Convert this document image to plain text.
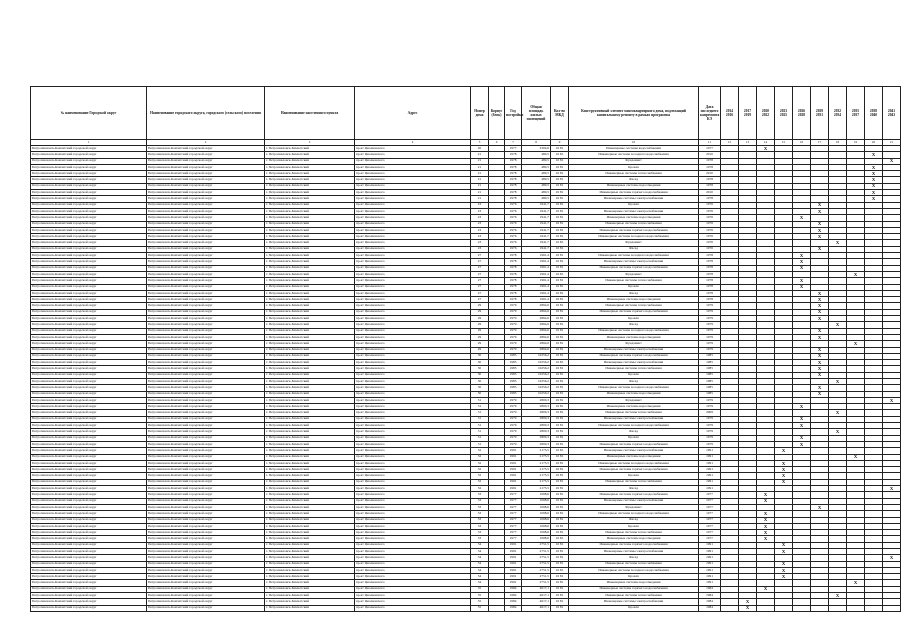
№ наименование Городской округ	Наименование городского округа, городского (сельского) поселения	Наименование населенного пункта	Адрес	Номер дома	Корпус (блок)	Год постройки	Общая площадь жилых помещений	Кол-во МКД	Конструктивный элемент многоквартирного дома, подлежащий капитальному ремонту в рамках программы	Дата последнего капремонта КЭ	2014 2016	2017 2019	2020 2022	2023 2025	2026 2028	2029 2031	2032 2034	2035 2037	2038 2040	2041 2043
1	2	3	4	5	6	7	8	9	10	11	12	13	14	15	16	17	18	19	20	21
Петропавловск-Камчатский городской округ	Петропавловск-Камчатский городской округ	г. Петропавловск-Камчатский	пр-кт Циолковского	20		1977	2304,6	16 81	Инженерные системы водоснабжения	1977			X							
Петропавловск-Камчатский городской округ	Петропавловск-Камчатский городской округ	г. Петропавловск-Камчатский	пр-кт Циолковского	21		1978	489,5	16 81	Инженерные системы холодного водоснабжения	2010									X	
Петропавловск-Камчатский городской округ	Петропавловск-Камчатский городской округ	г. Петропавловск-Камчатский	пр-кт Циолковского	21		1978	489,5	16 81	Фундамент	1978										X
Петропавловск-Камчатский городской округ	Петропавловск-Камчатский городской округ	г. Петропавловск-Камчатский	пр-кт Циолковского	21		1978	489,5	16 81	Кровля	1978									X	
Петропавловск-Камчатский городской округ	Петропавловск-Камчатский городской округ	г. Петропавловск-Камчатский	пр-кт Циолковского	21		1978	489,5	16 81	Инженерные системы теплоснабжения	2010									X	
Петропавловск-Камчатский городской округ	Петропавловск-Камчатский городской округ	г. Петропавловск-Камчатский	пр-кт Циолковского	21		1978	489,5	16 81	Фасад	1978									X	
Петропавловск-Камчатский городской округ	Петропавловск-Камчатский городской округ	г. Петропавловск-Камчатский	пр-кт Циолковского	21		1978	489,5	16 81	Инженерные системы водоотведения	1978									X	
Петропавловск-Камчатский городской округ	Петропавловск-Камчатский городской округ	г. Петропавловск-Камчатский	пр-кт Циолковского	21		1978	489,5	16 81	Инженерные системы горячего водоснабжения	2010									X	
Петропавловск-Камчатский городской округ	Петропавловск-Камчатский городской округ	г. Петропавловск-Камчатский	пр-кт Циолковского	21		1978	489,5	16 81	Инженерные системы электроснабжения	1978									X	
Петропавловск-Камчатский городской округ	Петропавловск-Камчатский городской округ	г. Петропавловск-Камчатский	пр-кт Циолковского	23		1976	1941,7	16 81	Кровля	1976						X				
Петропавловск-Камчатский городской округ	Петропавловск-Камчатский городской округ	г. Петропавловск-Камчатский	пр-кт Циолковского	23		1976	1941,7	16 81	Инженерные системы электроснабжения	1976						X				
Петропавловск-Камчатский городской округ	Петропавловск-Камчатский городской округ	г. Петропавловск-Камчатский	пр-кт Циолковского	23		1976	1941,7	16 81	Инженерные системы водоотведения	1976					X					
Петропавловск-Камчатский городской округ	Петропавловск-Камчатский городской округ	г. Петропавловск-Камчатский	пр-кт Циолковского	23		1976	1941,7	16 81	Инженерные системы теплоснабжения	1976						X				
Петропавловск-Камчатский городской округ	Петропавловск-Камчатский городской округ	г. Петропавловск-Камчатский	пр-кт Циолковского	23		1976	1941,7	16 81	Инженерные системы горячего водоснабжения	1976						X				
Петропавловск-Камчатский городской округ	Петропавловск-Камчатский городской округ	г. Петропавловск-Камчатский	пр-кт Циолковского	23		1976	1941,7	16 81	Инженерные системы холодного водоснабжения	1976						X				
Петропавловск-Камчатский городской округ	Петропавловск-Камчатский городской округ	г. Петропавловск-Камчатский	пр-кт Циолковского	23		1976	1941,7	16 81	Фундамент	1976							X			
Петропавловск-Камчатский городской округ	Петропавловск-Камчатский городской округ	г. Петропавловск-Камчатский	пр-кт Циолковского	23		1976	1941,7	16 81	Фасад	1976						X				
Петропавловск-Камчатский городской округ	Петропавловск-Камчатский городской округ	г. Петропавловск-Камчатский	пр-кт Циолковского	27		1978	1961,4	16 81	Инженерные системы холодного водоснабжения	1978					X					
Петропавловск-Камчатский городской округ	Петропавловск-Камчатский городской округ	г. Петропавловск-Камчатский	пр-кт Циолковского	27		1978	1961,4	16 81	Инженерные системы электроснабжения	1978					X					
Петропавловск-Камчатский городской округ	Петропавловск-Камчатский городской округ	г. Петропавловск-Камчатский	пр-кт Циолковского	27		1978	1961,4	16 81	Инженерные системы горячего водоснабжения	1978					X					
Петропавловск-Камчатский городской округ	Петропавловск-Камчатский городской округ	г. Петропавловск-Камчатский	пр-кт Циолковского	27		1978	1961,4	16 81	Фундамент	1978								X		
Петропавловск-Камчатский городской округ	Петропавловск-Камчатский городской округ	г. Петропавловск-Камчатский	пр-кт Циолковского	27		1978	1961,4	16 81	Инженерные системы теплоснабжения	1978					X					
Петропавловск-Камчатский городской округ	Петропавловск-Камчатский городской округ	г. Петропавловск-Камчатский	пр-кт Циолковского	27		1978	1961,4	16 81	Кровля	1978					X					
Петропавловск-Камчатский городской округ	Петропавловск-Камчатский городской округ	г. Петропавловск-Камчатский	пр-кт Циолковского	27		1978	1961,4	16 81	Фасад	1978						X				
Петропавловск-Камчатский городской округ	Петропавловск-Камчатский городской округ	г. Петропавловск-Камчатский	пр-кт Циолковского	27		1978	1961,4	16 81	Инженерные системы водоотведения	1978						X				
Петропавловск-Камчатский городской округ	Петропавловск-Камчатский городской округ	г. Петропавловск-Камчатский	пр-кт Циолковского	29		1979	2864,6	16 81	Инженерные системы теплоснабжения	1979						X				
Петропавловск-Камчатский городской округ	Петропавловск-Камчатский городской округ	г. Петропавловск-Камчатский	пр-кт Циолковского	29		1979	2864,6	16 81	Инженерные системы горячего водоснабжения	1979						X				
Петропавловск-Камчатский городской округ	Петропавловск-Камчатский городской округ	г. Петропавловск-Камчатский	пр-кт Циолковского	29		1979	2864,6	16 81	Кровля	1979						X				
Петропавловск-Камчатский городской округ	Петропавловск-Камчатский городской округ	г. Петропавловск-Камчатский	пр-кт Циолковского	29		1979	2864,6	16 81	Фасад	1979							X			
Петропавловск-Камчатский городской округ	Петропавловск-Камчатский городской округ	г. Петропавловск-Камчатский	пр-кт Циолковского	29		1979	2864,6	16 81	Инженерные системы холодного водоснабжения	1979						X				
Петропавловск-Камчатский городской округ	Петропавловск-Камчатский городской округ	г. Петропавловск-Камчатский	пр-кт Циолковского	29		1979	2864,6	16 81	Инженерные системы водоотведения	1979						X				
Петропавловск-Камчатский городской округ	Петропавловск-Камчатский городской округ	г. Петропавловск-Камчатский	пр-кт Циолковского	29		1979	2864,6	16 81	Фундамент	1979								X		
Петропавловск-Камчатский городской округ	Петропавловск-Камчатский городской округ	г. Петропавловск-Камчатский	пр-кт Циолковского	29		1979	2864,6	16 81	Инженерные системы электроснабжения	1979						X				
Петропавловск-Камчатский городской округ	Петропавловск-Камчатский городской округ	г. Петропавловск-Камчатский	пр-кт Циолковского	30		1985	10256,2	16 81	Инженерные системы горячего водоснабжения	1985						X				
Петропавловск-Камчатский городской округ	Петропавловск-Камчатский городской округ	г. Петропавловск-Камчатский	пр-кт Циолковского	30		1985	10256,2	16 81	Инженерные системы электроснабжения	1985						X				
Петропавловск-Камчатский городской округ	Петропавловск-Камчатский городской округ	г. Петропавловск-Камчатский	пр-кт Циолковского	30		1985	10256,2	16 81	Инженерные системы теплоснабжения	1985						X				
Петропавловск-Камчатский городской округ	Петропавловск-Камчатский городской округ	г. Петропавловск-Камчатский	пр-кт Циолковского	30		1985	10256,2	16 81	Кровля	1985						X				
Петропавловск-Камчатский городской округ	Петропавловск-Камчатский городской округ	г. Петропавловск-Камчатский	пр-кт Циолковского	30		1985	10256,2	16 81	Фасад	1985							X			
Петропавловск-Камчатский городской округ	Петропавловск-Камчатский городской округ	г. Петропавловск-Камчатский	пр-кт Циолковского	30		1985	10256,2	16 81	Инженерные системы холодного водоснабжения	1985						X				
Петропавловск-Камчатский городской округ	Петропавловск-Камчатский городской округ	г. Петропавловск-Камчатский	пр-кт Циолковского	30		1985	10256,2	16 81	Инженерные системы водоотведения	1985						X				
Петропавловск-Камчатский городской округ	Петропавловск-Камчатский городской округ	г. Петропавловск-Камчатский	пр-кт Циолковского	31		1979	2800,3	16 81	Фундамент	1979										X
Петропавловск-Камчатский городской округ	Петропавловск-Камчатский городской округ	г. Петропавловск-Камчатский	пр-кт Циолковского	31		1979	2800,3	16 81	Инженерные системы водоотведения	1979					X					
Петропавловск-Камчатский городской округ	Петропавловск-Камчатский городской округ	г. Петропавловск-Камчатский	пр-кт Циолковского	31		1979	2800,3	16 81	Инженерные системы теплоснабжения	2009							X			
Петропавловск-Камчатский городской округ	Петропавловск-Камчатский городской округ	г. Петропавловск-Камчатский	пр-кт Циолковского	31		1979	2800,3	16 81	Инженерные системы электроснабжения	1979					X					
Петропавловск-Камчатский городской округ	Петропавловск-Камчатский городской округ	г. Петропавловск-Камчатский	пр-кт Циолковского	31		1979	2800,3	16 81	Инженерные системы холодного водоснабжения	1979					X					
Петропавловск-Камчатский городской округ	Петропавловск-Камчатский городской округ	г. Петропавловск-Камчатский	пр-кт Циолковского	31		1979	2800,3	16 81	Фасад	1979							X			
Петропавловск-Камчатский городской округ	Петропавловск-Камчатский городской округ	г. Петропавловск-Камчатский	пр-кт Циолковского	31		1979	2800,3	16 81	Кровля	1979					X					
Петропавловск-Камчатский городской округ	Петропавловск-Камчатский городской округ	г. Петропавловск-Камчатский	пр-кт Циолковского	31		1979	2800,3	16 81	Инженерные системы горячего водоснабжения	1979					X					
Петропавловск-Камчатский городской округ	Петропавловск-Камчатский городской округ	г. Петропавловск-Камчатский	пр-кт Циолковского	32		1991	2175,5	16 81	Инженерные системы электроснабжения	1991				X						
Петропавловск-Камчатский городской округ	Петропавловск-Камчатский городской округ	г. Петропавловск-Камчатский	пр-кт Циолковского	32		1991	2175,5	16 81	Инженерные системы водоотведения	1991								X		
Петропавловск-Камчатский городской округ	Петропавловск-Камчатский городской округ	г. Петропавловск-Камчатский	пр-кт Циолковского	32		1991	2175,5	16 81	Инженерные системы холодного водоснабжения	1991				X						
Петропавловск-Камчатский городской округ	Петропавловск-Камчатский городской округ	г. Петропавловск-Камчатский	пр-кт Циолковского	32		1991	2175,5	16 81	Инженерные системы горячего водоснабжения	1991				X						
Петропавловск-Камчатский городской округ	Петропавловск-Камчатский городской округ	г. Петропавловск-Камчатский	пр-кт Циолковского	32		1991	2175,5	16 81	Кровля	1991				X						
Петропавловск-Камчатский городской округ	Петропавловск-Камчатский городской округ	г. Петропавловск-Камчатский	пр-кт Циолковского	32		1991	2175,5	16 81	Инженерные системы теплоснабжения	1991				X						
Петропавловск-Камчатский городской округ	Петропавловск-Камчатский городской округ	г. Петропавловск-Камчатский	пр-кт Циолковского	32		1991	2175,5	16 81	Фасад	1991										X
Петропавловск-Камчатский городской округ	Петропавловск-Камчатский городской округ	г. Петропавловск-Камчатский	пр-кт Циолковского	33		1977	1068,6	16 81	Инженерные системы горячего водоснабжения	1977			X							
Петропавловск-Камчатский городской округ	Петропавловск-Камчатский городской округ	г. Петропавловск-Камчатский	пр-кт Циолковского	33		1977	1068,6	16 81	Инженерные системы электроснабжения	1977			X							
Петропавловск-Камчатский городской округ	Петропавловск-Камчатский городской округ	г. Петропавловск-Камчатский	пр-кт Циолковского	33		1977	1068,6	16 81	Фундамент	1977						X				
Петропавловск-Камчатский городской округ	Петропавловск-Камчатский городской округ	г. Петропавловск-Камчатский	пр-кт Циолковского	33		1977	1068,6	16 81	Инженерные системы холодного водоснабжения	1977			X							
Петропавловск-Камчатский городской округ	Петропавловск-Камчатский городской округ	г. Петропавловск-Камчатский	пр-кт Циолковского	33		1977	1068,6	16 81	Фасад	1977			X							
Петропавловск-Камчатский городской округ	Петропавловск-Камчатский городской округ	г. Петропавловск-Камчатский	пр-кт Циолковского	33		1977	1068,6	16 81	Кровля	1977			X							
Петропавловск-Камчатский городской округ	Петропавловск-Камчатский городской округ	г. Петропавловск-Камчатский	пр-кт Циолковского	33		1977	1068,6	16 81	Инженерные системы теплоснабжения	1977			X							
Петропавловск-Камчатский городской округ	Петропавловск-Камчатский городской округ	г. Петропавловск-Камчатский	пр-кт Циолковского	33		1977	1068,6	16 81	Инженерные системы водоотведения	1977			X							
Петропавловск-Камчатский городской округ	Петропавловск-Камчатский городской округ	г. Петропавловск-Камчатский	пр-кт Циолковского	34		1991	2751,5	16 81	Инженерные системы горячего водоснабжения	1991				X						
Петропавловск-Камчатский городской округ	Петропавловск-Камчатский городской округ	г. Петропавловск-Камчатский	пр-кт Циолковского	34		1991	2751,5	16 81	Инженерные системы электроснабжения	1991				X						
Петропавловск-Камчатский городской округ	Петропавловск-Камчатский городской округ	г. Петропавловск-Камчатский	пр-кт Циолковского	34		1991	2751,5	16 81	Фасад	1991										X
Петропавловск-Камчатский городской округ	Петропавловск-Камчатский городской округ	г. Петропавловск-Камчатский	пр-кт Циолковского	34		1991	2751,5	16 81	Инженерные системы теплоснабжения	1991				X						
Петропавловск-Камчатский городской округ	Петропавловск-Камчатский городской округ	г. Петропавловск-Камчатский	пр-кт Циолковского	34		1991	2751,5	16 81	Инженерные системы холодного водоснабжения	1991				X						
Петропавловск-Камчатский городской округ	Петропавловск-Камчатский городской округ	г. Петропавловск-Камчатский	пр-кт Циолковского	34		1991	2751,5	16 81	Кровля	1991				X						
Петропавловск-Камчатский городской округ	Петропавловск-Камчатский городской округ	г. Петропавловск-Камчатский	пр-кт Циолковского	34		1991	2751,5	16 81	Инженерные системы водоотведения	1991								X		
Петропавловск-Камчатский городской округ	Петропавловск-Камчатский городской округ	г. Петропавловск-Камчатский	пр-кт Циолковского	35		1984	4617,1	16 81	Инженерные системы горячего водоснабжения	1984			X							
Петропавловск-Камчатский городской округ	Петропавловск-Камчатский городской округ	г. Петропавловск-Камчатский	пр-кт Циолковского	35		1984	4617,1	16 81	Инженерные системы теплоснабжения	1984							X			
Петропавловск-Камчатский городской округ	Петропавловск-Камчатский городской округ	г. Петропавловск-Камчатский	пр-кт Циолковского	35		1984	4617,1	16 81	Инженерные системы электроснабжения	1984		X								
Петропавловск-Камчатский городской округ	Петропавловск-Камчатский городской округ	г. Петропавловск-Камчатский	пр-кт Циолковского	35		1984	4617,1	16 81	Кровля	1984		X								
